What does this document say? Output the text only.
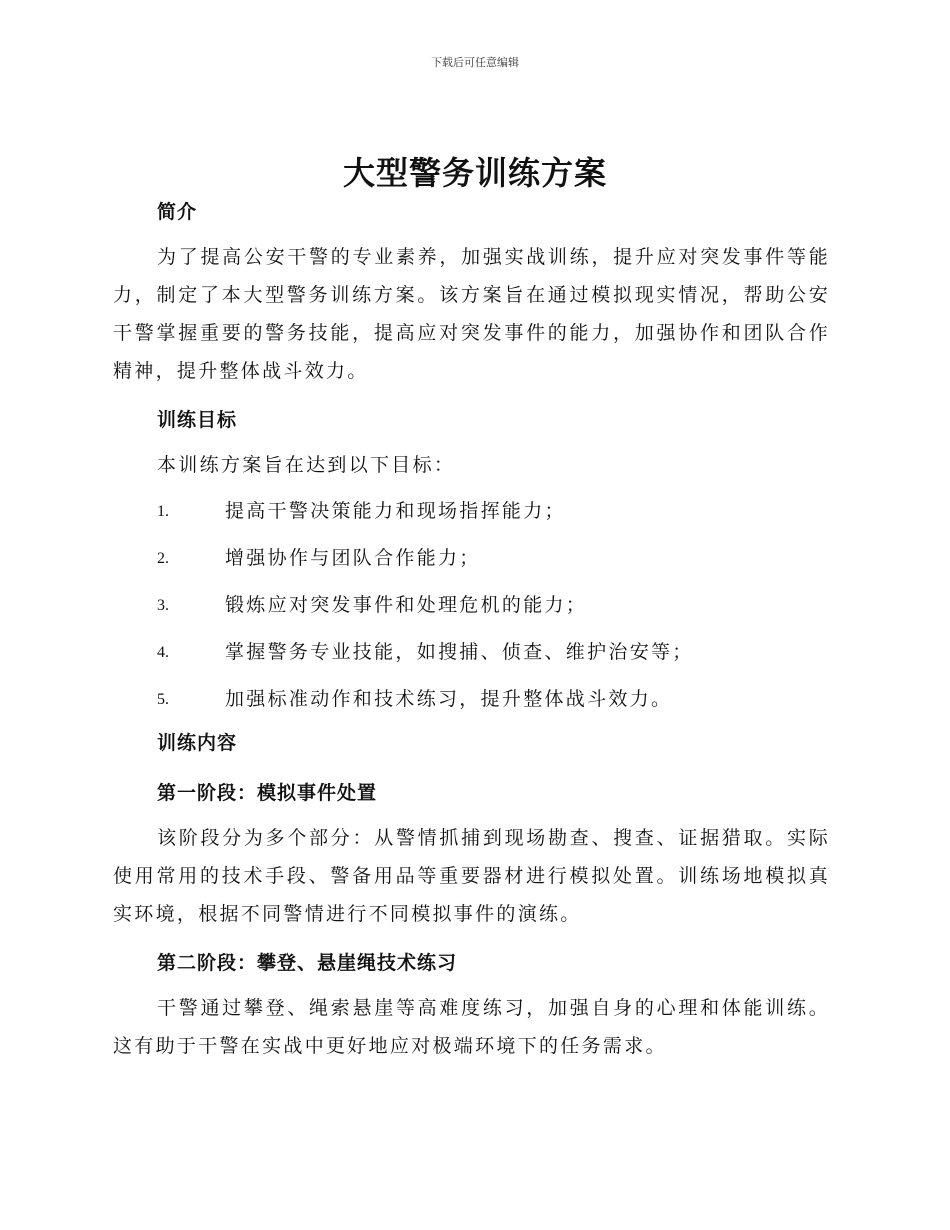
下载后可任意编辑
大型警务训练方案
简介

为了提高公安干警的专业素养，加强实战训练，提升应对突发事件等能力，制定了本大型警务训练方案。该方案旨在通过模拟现实情况，帮助公安干警掌握重要的警务技能，提高应对突发事件的能力，加强协作和团队合作精神，提升整体战斗效力。

训练目标
本训练方案旨在达到以下目标：
1.	提高干警决策能力和现场指挥能力；
2.	增强协作与团队合作能力；
3.	锻炼应对突发事件和处理危机的能力；
4.	掌握警务专业技能，如搜捕、侦查、维护治安等；
5.	加强标准动作和技术练习，提升整体战斗效力。
训练内容
第一阶段：模拟事件处置

该阶段分为多个部分：从警情抓捕到现场勘查、搜查、证据猎取。实际使用常用的技术手段、警备用品等重要器材进行模拟处置。训练场地模拟真实环境，根据不同警情进行不同模拟事件的演练。

第二阶段：攀登、悬崖绳技术练习

干警通过攀登、绳索悬崖等高难度练习，加强自身的心理和体能训练。这有助于干警在实战中更好地应对极端环境下的任务需求。
